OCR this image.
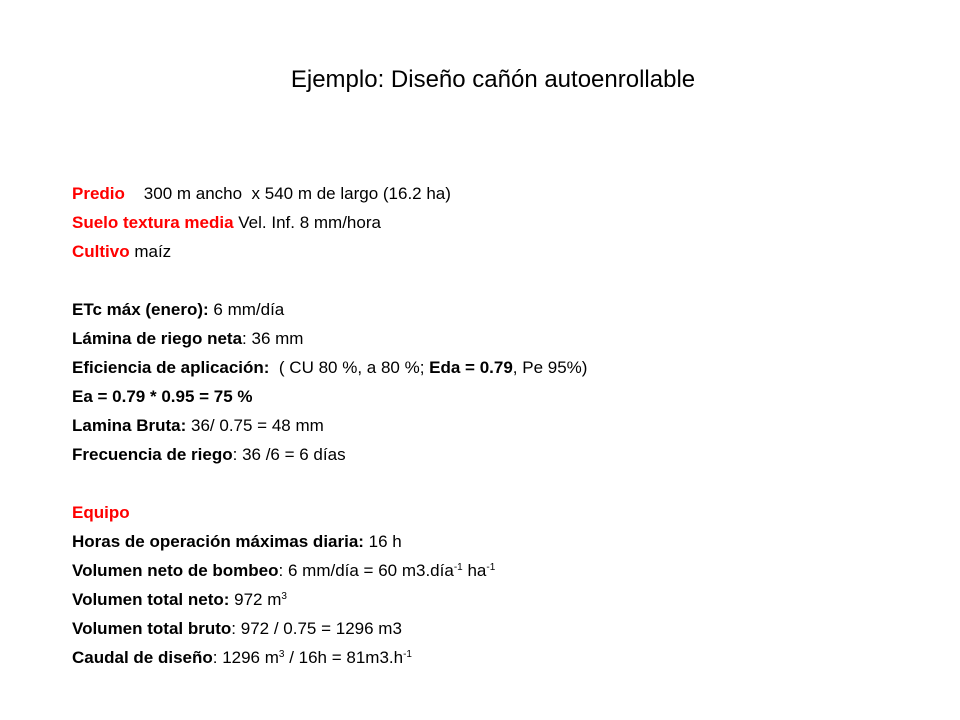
Ejemplo: Diseño cañón autoenrollable
Predio    300 m ancho  x 540 m de largo (16.2 ha)
Suelo textura media Vel. Inf. 8 mm/hora
Cultivo maíz
ETc máx (enero): 6 mm/día
Lámina de riego neta: 36 mm
Eficiencia de aplicación:  ( CU 80 %, a 80 %; Eda = 0.79, Pe 95%)
Ea = 0.79 * 0.95 = 75 %
Lamina Bruta: 36/ 0.75 = 48 mm
Frecuencia de riego: 36 /6 = 6 días
Equipo
Horas de operación máximas diaria: 16 h
Volumen neto de bombeo: 6 mm/día = 60 m3.día$^{-1}$ $ha^{-1}$
Volumen total neto: 972 $m^3$
Volumen total bruto: 972 / 0.75 = 1296 m3
Caudal de diseño: 1296 $m^3 / 16h = 81m3.h^{-1}$
